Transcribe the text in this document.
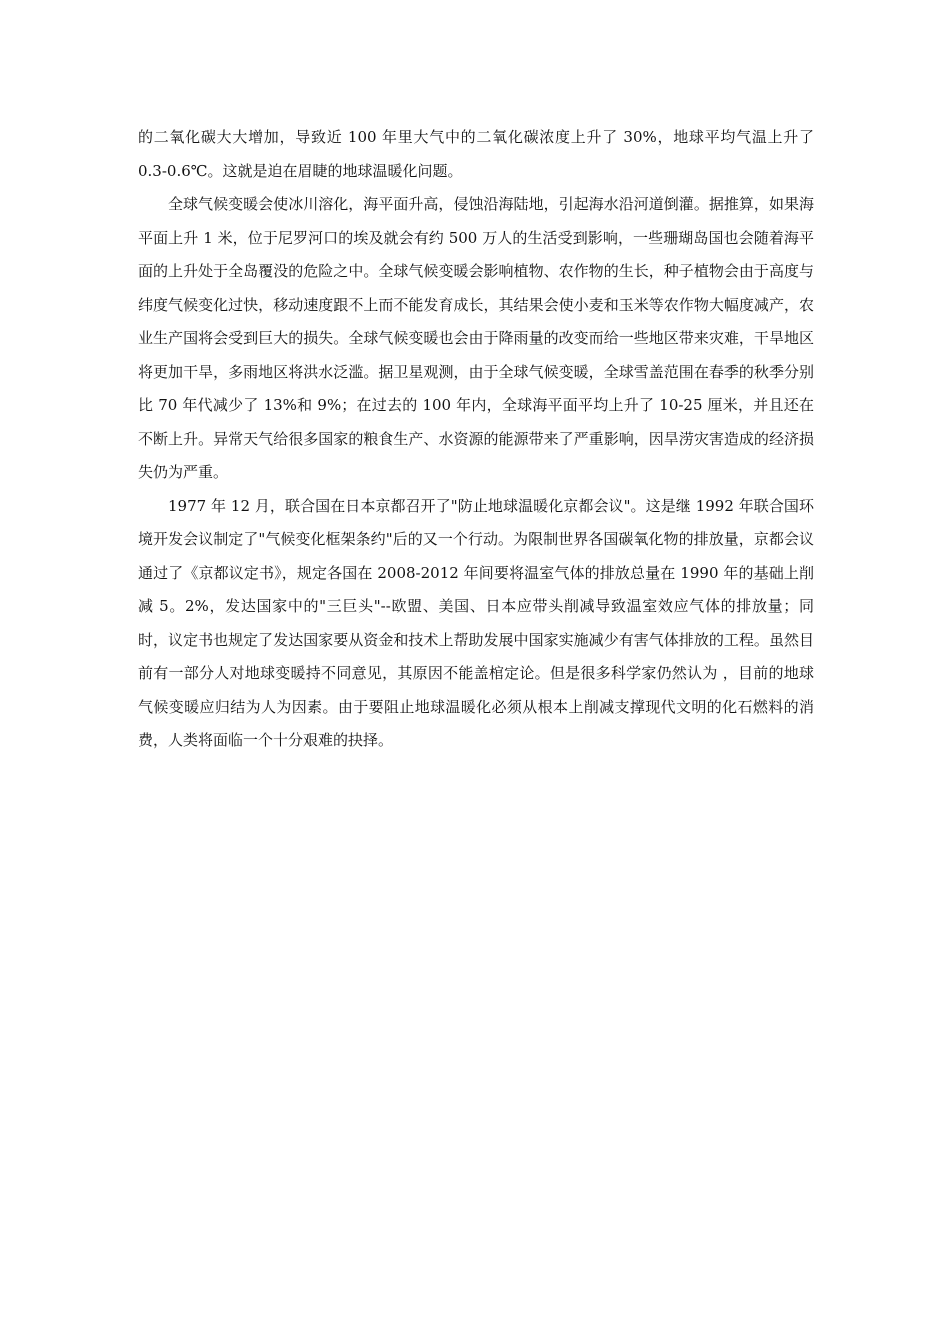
的二氧化碳大大增加，导致近 100 年里大气中的二氧化碳浓度上升了 30%，地球平均气温上升了 0.3-0.6℃。这就是迫在眉睫的地球温暖化问题。

全球气候变暖会使冰川溶化，海平面升高，侵蚀沿海陆地，引起海水沿河道倒灌。据推算，如果海平面上升 1 米，位于尼罗河口的埃及就会有约 500 万人的生活受到影响，一些珊瑚岛国也会随着海平面的上升处于全岛覆没的危险之中。全球气候变暖会影响植物、农作物的生长，种子植物会由于高度与纬度气候变化过快，移动速度跟不上而不能发育成长，其结果会使小麦和玉米等农作物大幅度减产，农业生产国将会受到巨大的损失。全球气候变暖也会由于降雨量的改变而给一些地区带来灾难，干旱地区将更加干旱，多雨地区将洪水泛滥。据卫星观测，由于全球气候变暖，全球雪盖范围在春季的秋季分别比 70 年代减少了 13%和 9%；在过去的 100 年内，全球海平面平均上升了 10-25 厘米，并且还在不断上升。异常天气给很多国家的粮食生产、水资源的能源带来了严重影响，因旱涝灾害造成的经济损失仍为严重。

1977 年 12 月，联合国在日本京都召开了"防止地球温暖化京都会议"。这是继 1992 年联合国环境开发会议制定了"气候变化框架条约"后的又一个行动。为限制世界各国碳氧化物的排放量，京都会议通过了《京都议定书》，规定各国在 2008-2012 年间要将温室气体的排放总量在 1990 年的基础上削减 5。2%，发达国家中的"三巨头"--欧盟、美国、日本应带头削减导致温室效应气体的排放量；同时，议定书也规定了发达国家要从资金和技术上帮助发展中国家实施减少有害气体排放的工程。虽然目前有一部分人对地球变暖持不同意见，其原因不能盖棺定论。但是很多科学家仍然认为 ，目前的地球气候变暖应归结为人为因素。由于要阻止地球温暖化必须从根本上削减支撑现代文明的化石燃料的消费，人类将面临一个十分艰难的抉择。
